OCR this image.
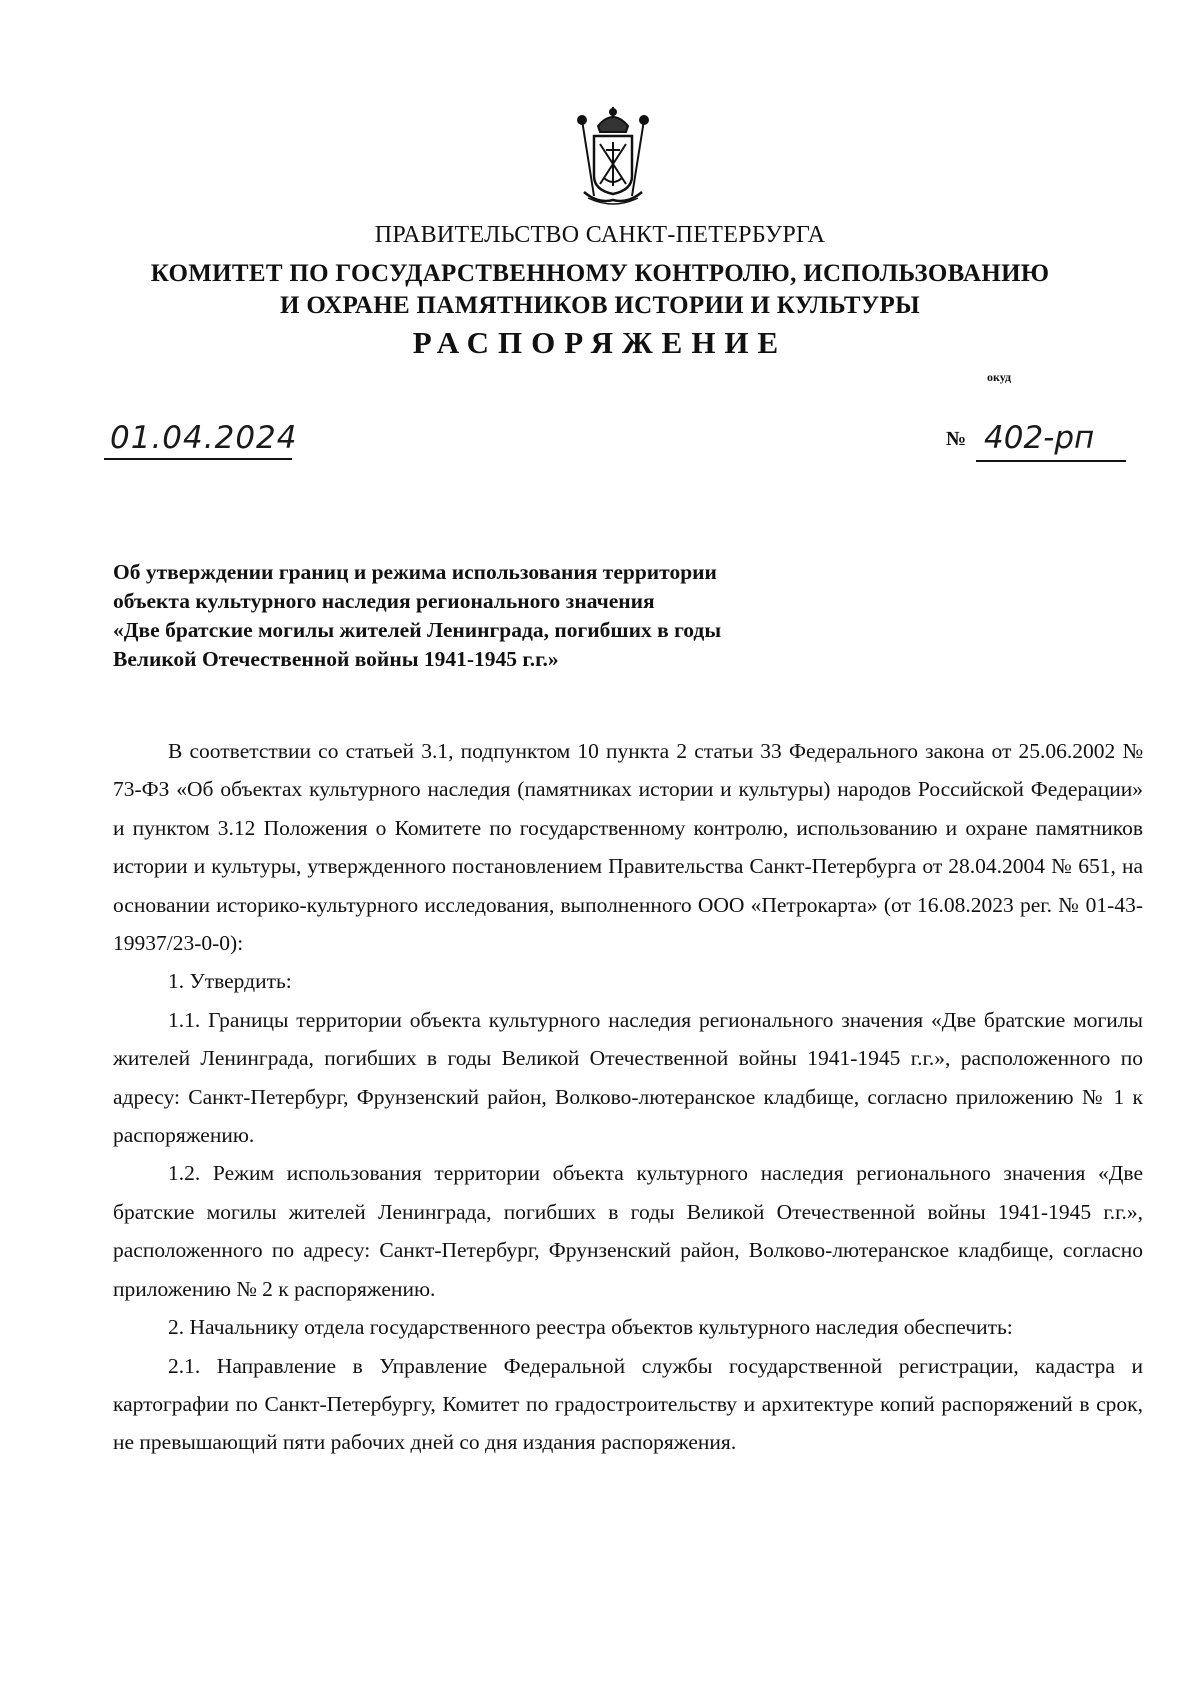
ПРАВИТЕЛЬСТВО САНКТ-ПЕТЕРБУРГА
КОМИТЕТ ПО ГОСУДАРСТВЕННОМУ КОНТРОЛЮ, ИСПОЛЬЗОВАНИЮ
И ОХРАНЕ ПАМЯТНИКОВ ИСТОРИИ И КУЛЬТУРЫ
РАСПОРЯЖЕНИЕ
окуд
01.04.2024	№ 402-рп
Об утверждении границ и режима использования территории
объекта культурного наследия регионального значения
«Две братские могилы жителей Ленинграда, погибших в годы
Великой Отечественной войны 1941-1945 г.г.»

В соответствии со статьей 3.1, подпунктом 10 пункта 2 статьи 33 Федерального закона от 25.06.2002 № 73-ФЗ «Об объектах культурного наследия (памятниках истории и культуры) народов Российской Федерации» и пунктом 3.12 Положения о Комитете по государственному контролю, использованию и охране памятников истории и культуры, утвержденного постановлением Правительства Санкт-Петербурга от 28.04.2004 № 651, на основании историко-культурного исследования, выполненного ООО «Петрокарта» (от 16.08.2023 рег. № 01-43-19937/23-0-0):

1. Утвердить:

1.1. Границы территории объекта культурного наследия регионального значения «Две братские могилы жителей Ленинграда, погибших в годы Великой Отечественной войны 1941-1945 г.г.», расположенного по адресу: Санкт-Петербург, Фрунзенский район, Волково-лютеранское кладбище, согласно приложению № 1 к распоряжению.

1.2. Режим использования территории объекта культурного наследия регионального значения «Две братские могилы жителей Ленинграда, погибших в годы Великой Отечественной войны 1941-1945 г.г.», расположенного по адресу: Санкт-Петербург, Фрунзенский район, Волково-лютеранское кладбище, согласно приложению № 2 к распоряжению.

2. Начальнику отдела государственного реестра объектов культурного наследия обеспечить:

2.1. Направление в Управление Федеральной службы государственной регистрации, кадастра и картографии по Санкт-Петербургу, Комитет по градостроительству и архитектуре копий распоряжений в срок, не превышающий пяти рабочих дней со дня издания распоряжения.
